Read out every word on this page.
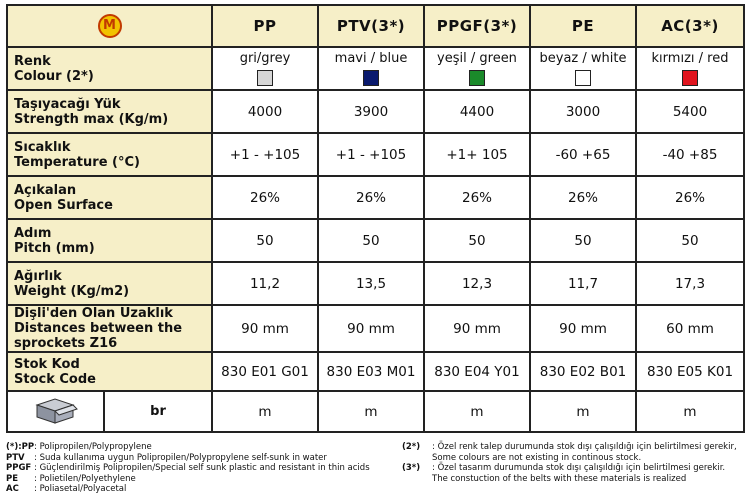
M		PP	PTV(3*)	PPGF(3*)	PE	AC(3*)

Renk
Colour (2*)		gri/grey	mavi / blue	yeşil / green	beyaz / white	kırmızı / red

Taşıyacağı Yük
Strength max (Kg/m)		4000	3900	4400	3000	5400

Sıcaklık
Temperature (°C)		+1 - +105	+1 - +105	+1+ 105	-60 +65	-40 +85

Açıkalan
Open Surface		26%	26%	26%	26%	26%

Adım
Pitch (mm)		50	50	50	50	50

Ağırlık
Weight (Kg/m2)		11,2	13,5	12,3	11,7	17,3

Dişli'den Olan Uzaklık
Distances between the
sprockets Z16		90 mm	90 mm	90 mm	90 mm	60 mm

Stok Kod
Stock Code		830 E01 G01	830 E03 M01	830 E04 Y01	830 E02 B01	830 E05 K01
	br	m	m	m	m	m
(*):PP: Polipropilen/Polypropylene
PTV : Suda kullanıma uygun Polipropilen/Polypropylene self-sunk in water
PPGF : Güçlendirilmiş Polipropilen/Special self sunk plastic and resistant in thin acids
PE : Polietilen/Polyethylene
AC : Poliasetal/Polyacetal
(2*) : Özel renk talep durumunda stok dışı çalışıldığı için belirtilmesi gerekir,
Some colours are not existing in continous stock.
(3*) : Özel tasarım durumunda stok dışı çalışıldığı için belirtilmesi gerekir.
The constuction of the belts with these materials is realized
